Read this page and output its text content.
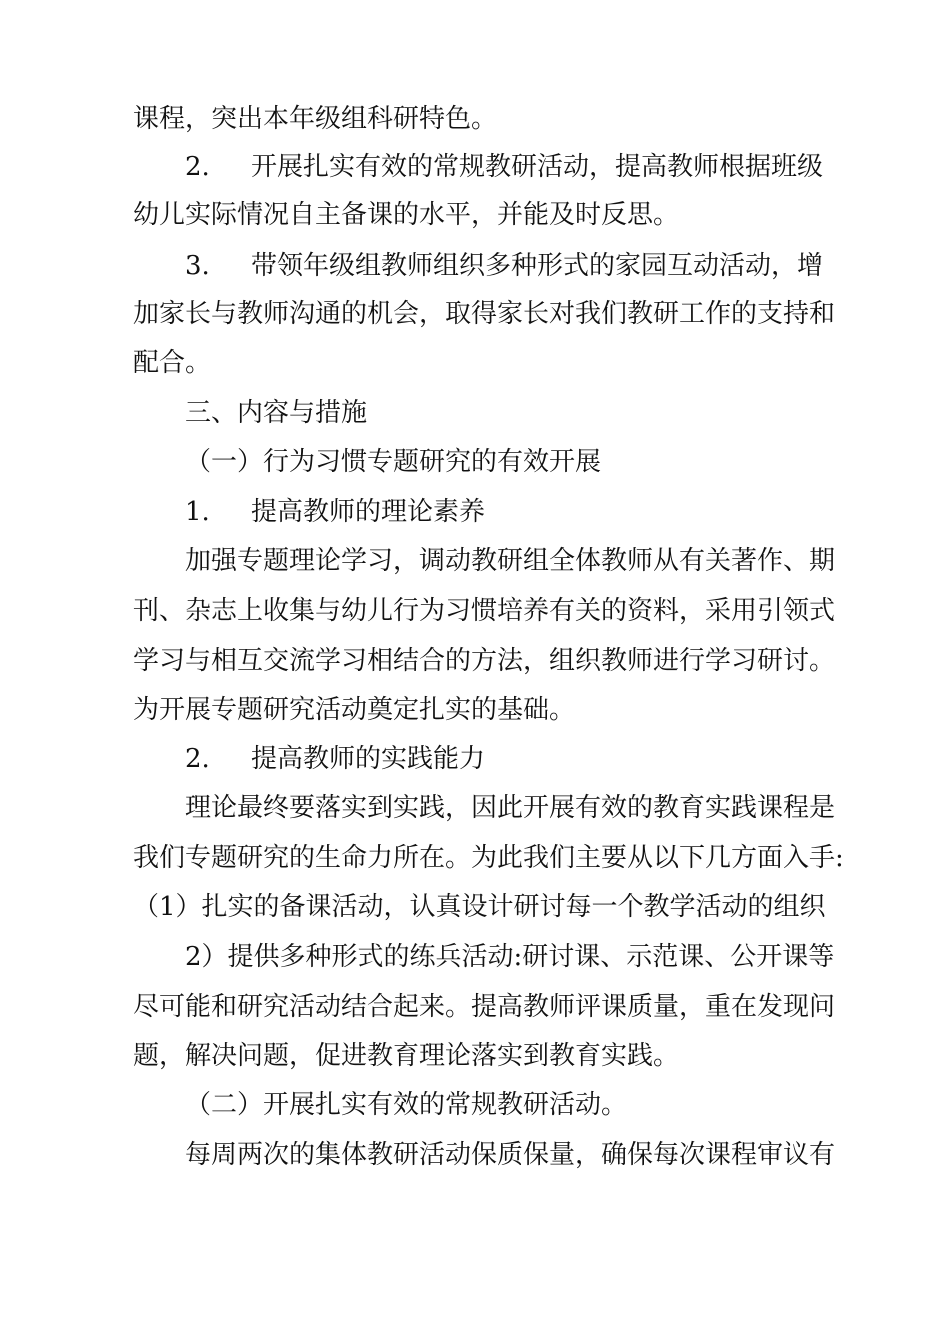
课程，突出本年级组科研特色。
2. 开展扎实有效的常规教研活动，提高教师根据班级
幼儿实际情况自主备课的水平，并能及时反思。
3. 带领年级组教师组织多种形式的家园互动活动，增
加家长与教师沟通的机会，取得家长对我们教研工作的支持和
配合。
三、内容与措施
（一）行为习惯专题研究的有效开展
1. 提高教师的理论素养
加强专题理论学习，调动教研组全体教师从有关著作、期
刊、杂志上收集与幼儿行为习惯培养有关的资料，采用引领式
学习与相互交流学习相结合的方法，组织教师进行学习研讨。
为开展专题研究活动奠定扎实的基础。
2. 提高教师的实践能力
理论最终要落实到实践，因此开展有效的教育实践课程是
我们专题研究的生命力所在。为此我们主要从以下几方面入手:
（1）扎实的备课活动，认真设计研讨每一个教学活动的组织
2）提供多种形式的练兵活动:研讨课、示范课、公开课等
尽可能和研究活动结合起来。提高教师评课质量，重在发现问
题，解决问题，促进教育理论落实到教育实践。
（二）开展扎实有效的常规教研活动。
每周两次的集体教研活动保质保量，确保每次课程审议有
